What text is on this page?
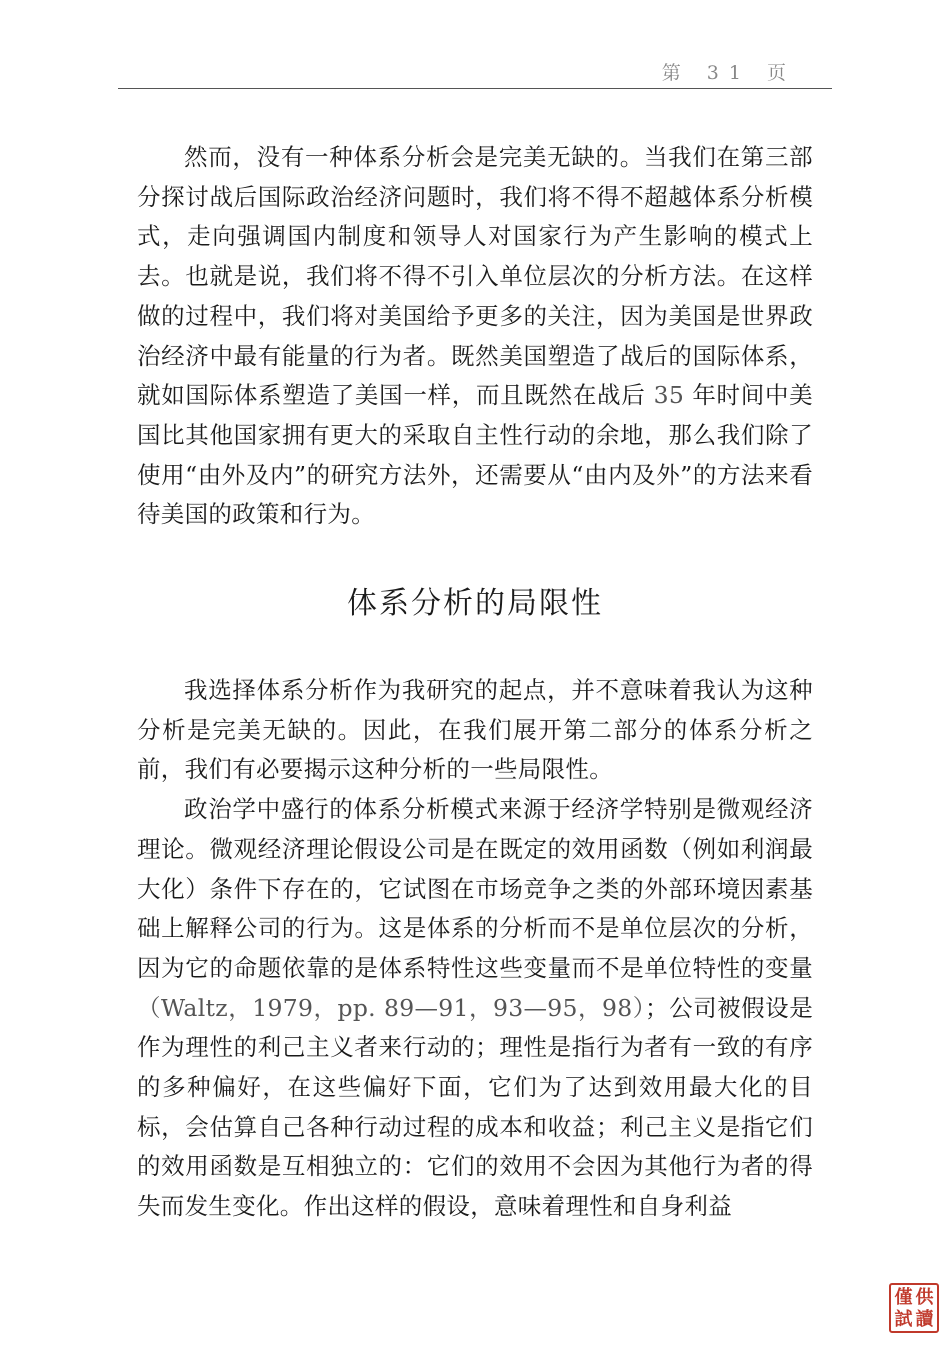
第 31 页

然而，没有一种体系分析会是完美无缺的。当我们在第三部分探讨战后国际政治经济问题时，我们将不得不超越体系分析模式，走向强调国内制度和领导人对国家行为产生影响的模式上去。也就是说，我们将不得不引入单位层次的分析方法。在这样做的过程中，我们将对美国给予更多的关注，因为美国是世界政治经济中最有能量的行为者。既然美国塑造了战后的国际体系，就如国际体系塑造了美国一样，而且既然在战后 35 年时间中美国比其他国家拥有更大的采取自主性行动的余地，那么我们除了使用“由外及内”的研究方法外，还需要从“由内及外”的方法来看待美国的政策和行为。

体系分析的局限性

我选择体系分析作为我研究的起点，并不意味着我认为这种分析是完美无缺的。因此，在我们展开第二部分的体系分析之前，我们有必要揭示这种分析的一些局限性。

政治学中盛行的体系分析模式来源于经济学特别是微观经济理论。微观经济理论假设公司是在既定的效用函数（例如利润最大化）条件下存在的，它试图在市场竞争之类的外部环境因素基础上解释公司的行为。这是体系的分析而不是单位层次的分析，因为它的命题依靠的是体系特性这些变量而不是单位特性的变量（Waltz，1979，pp. 89—91，93—95，98）；公司被假设是作为理性的利己主义者来行动的；理性是指行为者有一致的有序的多种偏好，在这些偏好下面，它们为了达到效用最大化的目标，会估算自己各种行动过程的成本和收益；利己主义是指它们的效用函数是互相独立的：它们的效用不会因为其他行为者的得失而发生变化。作出这样的假设，意味着理性和自身利益

僅 供
試 讀
